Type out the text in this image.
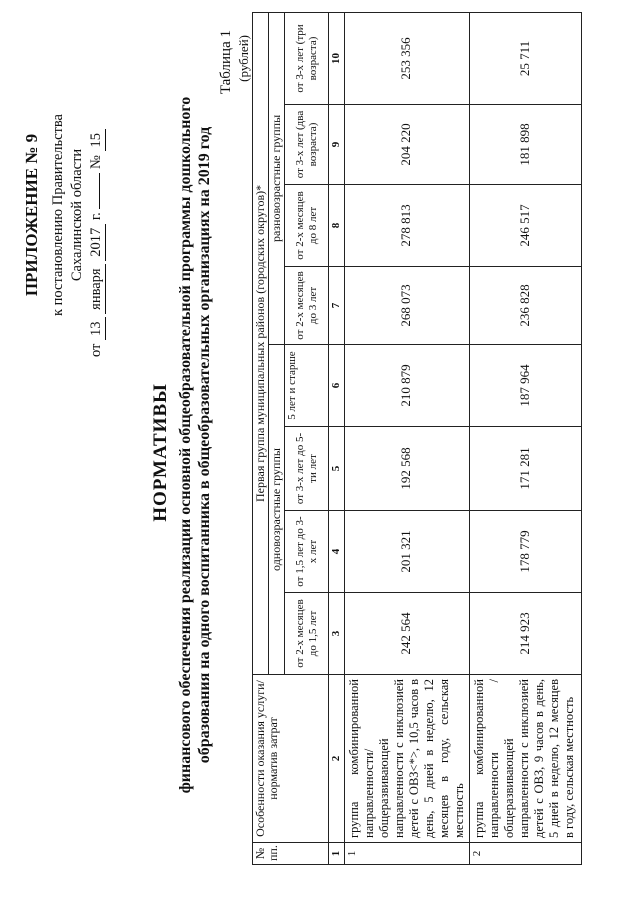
ПРИЛОЖЕНИЕ № 9 к постановлению Правительства Сахалинской области
от 13 января 2017 г.  № 15
НОРМАТИВЫ финансового обеспечения реализации основной общеобразовательной программы дошкольного образования на одного воспитанника в общеобразовательных организациях на 2019 год
Таблица 1 (рублей)
№ пп.	Особенности оказания услуги/норматив затрат	Первая группа муниципальных районов (городских округов)*							
		одновозрастные группы				разновозрастные группы			
		от 2-х месяцев до 1,5 лет	от 1,5 лет до 3-х лет	от 3-х лет до 5-ти лет	5 лет и старше	от 2-х месяцев до 3 лет	от 2-х месяцев до 8 лет	от 3-х лет (два возраста)	от 3-х лет (три возраста)
1	2	3	4	5	6	7	8	9	10
1	группа комбинированной направленности/ общеразвивающей направленности с инклюзией детей с ОВЗ<*>, 10,5 часов в день, 5 дней в неделю, 12 месяцев в году, сельская местность	242 564	201 321	192 568	210 879	268 073	278 813	204 220	253 356
2	группа комбинированной направленности / общеразвивающей направленности с инклюзией детей с ОВЗ, 9 часов в день, 5 дней в неделю, 12 месяцев в году, сельская местность	214 923	178 779	171 281	187 964	236 828	246 517	181 898	25 711
